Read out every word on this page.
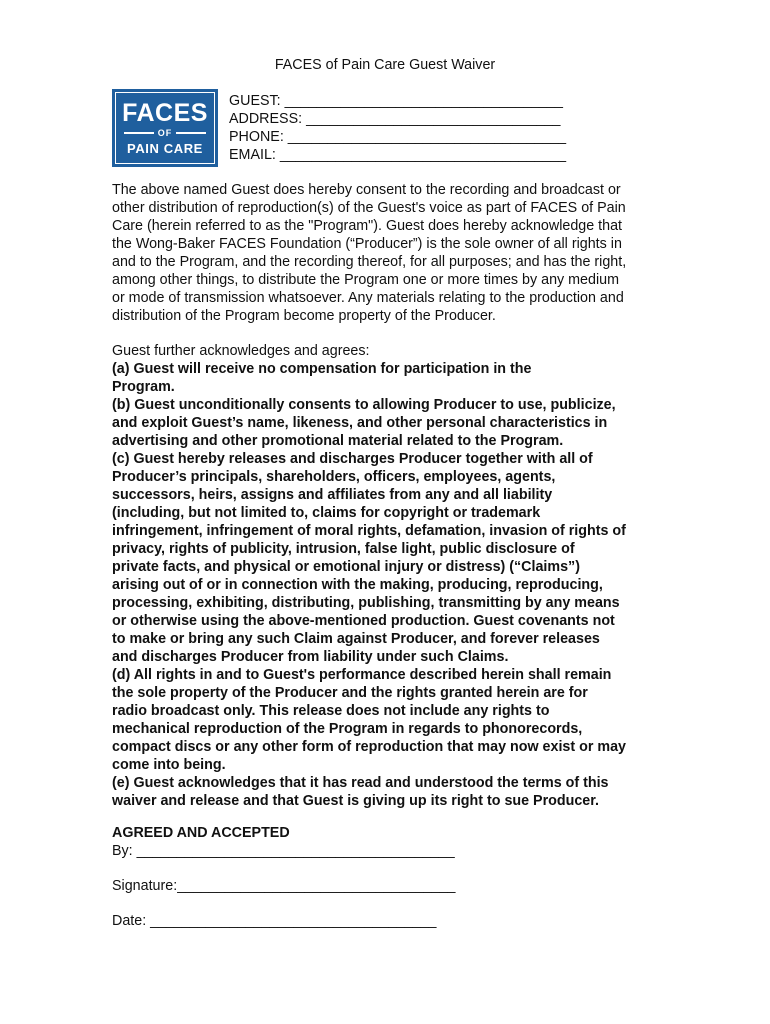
FACES of Pain Care Guest Waiver
FACES
OF
PAIN CARE
GUEST: ___________________________________
ADDRESS: ________________________________
PHONE: ___________________________________
EMAIL: ____________________________________
The above named Guest does hereby consent to the recording and broadcast or
other distribution of reproduction(s) of the Guest's voice as part of FACES of Pain
Care (herein referred to as the "Program"). Guest does hereby acknowledge that
the Wong-Baker FACES Foundation (“Producer”) is the sole owner of all rights in
and to the Program, and the recording thereof, for all purposes; and has the right,
among other things, to distribute the Program one or more times by any medium
or mode of transmission whatsoever. Any materials relating to the production and
distribution of the Program become property of the Producer.
Guest further acknowledges and agrees:
(a) Guest will receive no compensation for participation in the
Program.
(b) Guest unconditionally consents to allowing Producer to use, publicize,
and exploit Guest’s name, likeness, and other personal characteristics in
advertising and other promotional material related to the Program.
(c) Guest hereby releases and discharges Producer together with all of
Producer’s principals, shareholders, officers, employees, agents,
successors, heirs, assigns and affiliates from any and all liability
(including, but not limited to, claims for copyright or trademark
infringement, infringement of moral rights, defamation, invasion of rights of
privacy, rights of publicity, intrusion, false light, public disclosure of
private facts, and physical or emotional injury or distress) (“Claims”)
arising out of or in connection with the making, producing, reproducing,
processing, exhibiting, distributing, publishing, transmitting by any means
or otherwise using the above-mentioned production. Guest covenants not
to make or bring any such Claim against Producer, and forever releases
and discharges Producer from liability under such Claims.
(d) All rights in and to Guest's performance described herein shall remain
the sole property of the Producer and the rights granted herein are for
radio broadcast only. This release does not include any rights to
mechanical reproduction of the Program in regards to phonorecords,
compact discs or any other form of reproduction that may now exist or may
come into being.
(e) Guest acknowledges that it has read and understood the terms of this
waiver and release and that Guest is giving up its right to sue Producer.
AGREED AND ACCEPTED
By: ________________________________________
Signature:___________________________________
Date: ____________________________________
